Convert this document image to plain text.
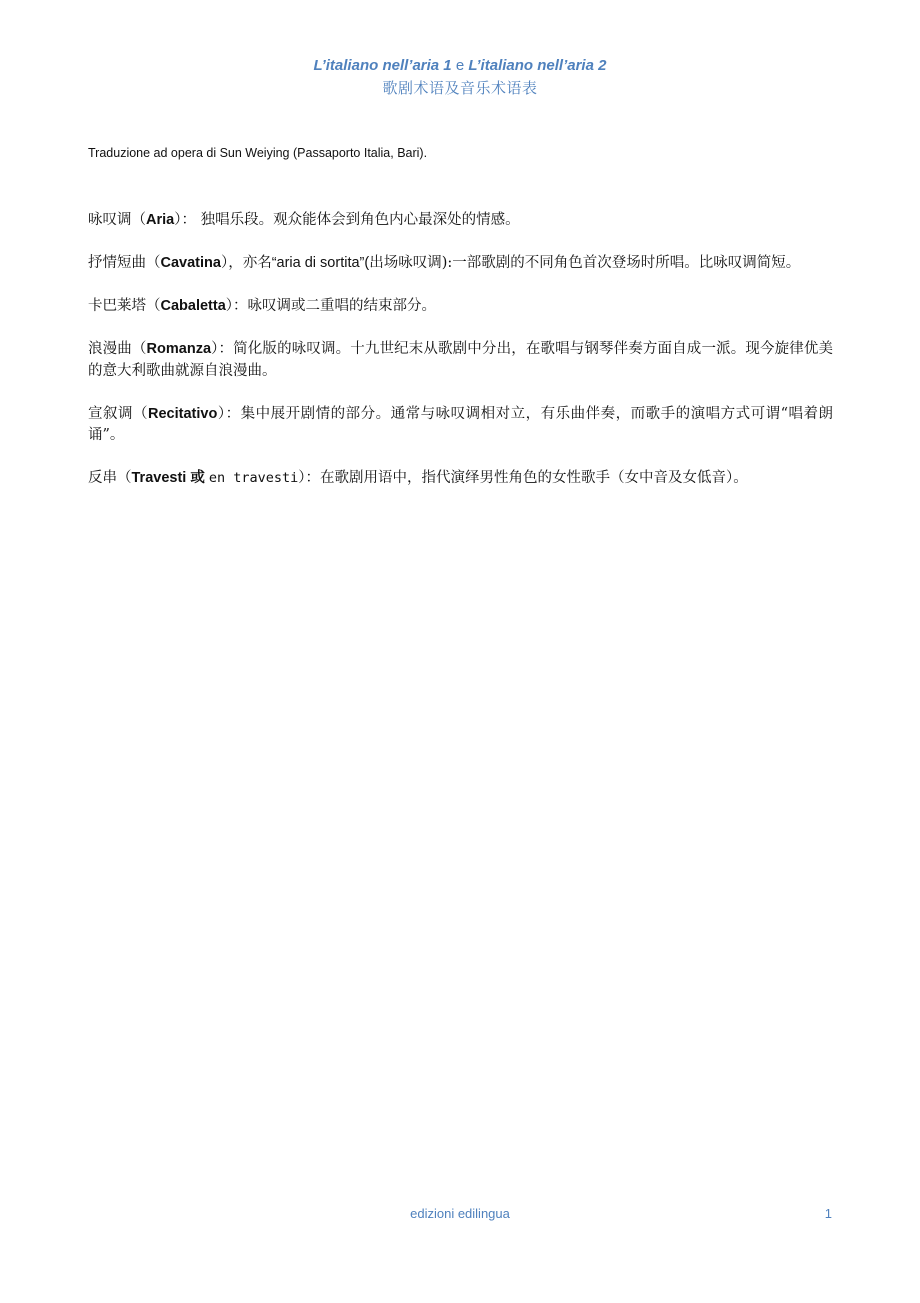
L’italiano nell’aria 1 e L’italiano nell’aria 2
歌剧术语及音乐术语表
Traduzione ad opera di Sun Weiying (Passaporto Italia, Bari).

咏叹调（Aria）： 独唱乐段。观众能体会到角色内心最深处的情感。

抒情短曲（Cavatina），亦名“aria di sortita”(出场咏叹调):一部歌剧的不同角色首次登场时所唱。比咏叹调简短。

卡巴莱塔（Cabaletta）：咏叹调或二重唱的结束部分。

浪漫曲（Romanza）：简化版的咏叹调。十九世纪末从歌剧中分出，在歌唱与钢琴伴奏方面自成一派。现今旋律优美的意大利歌曲就源自浪漫曲。

宣叙调（Recitativo）：集中展开剧情的部分。通常与咏叹调相对立，有乐曲伴奏，而歌手的演唱方式可谓“唱着朗诵”。

反串（Travesti 或 en travesti）：在歌剧用语中，指代演绎男性角色的女性歌手（女中音及女低音）。

edizioni edilingua	1
